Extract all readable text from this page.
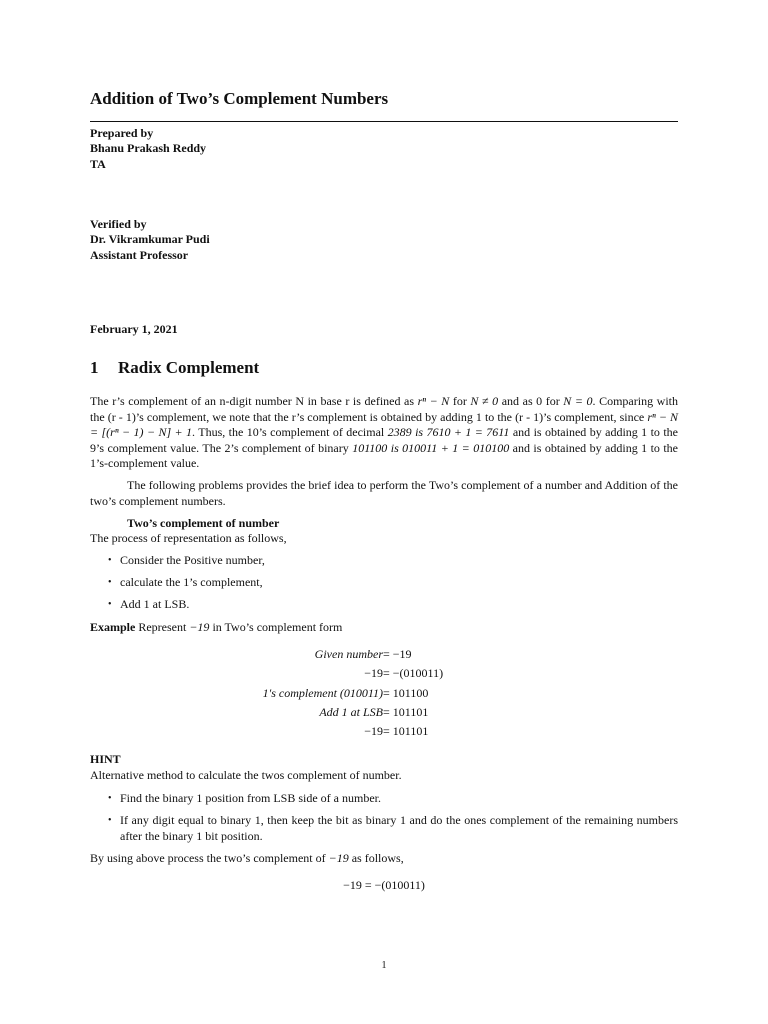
Addition of Two’s Complement Numbers
Prepared by
Bhanu Prakash Reddy
TA
Verified by
Dr. Vikramkumar Pudi
Assistant Professor
February 1, 2021
1 Radix Complement
The r’s complement of an n-digit number N in base r is defined as rⁿ − N for N ≠ 0 and as 0 for N = 0. Comparing with the (r - 1)’s complement, we note that the r’s complement is obtained by adding 1 to the (r - 1)’s complement, since rⁿ − N = [(rⁿ − 1) − N] + 1. Thus, the 10’s complement of decimal 2389 is 7610 + 1 = 7611 and is obtained by adding 1 to the 9’s complement value. The 2’s complement of binary 101100 is 010011 + 1 = 010100 and is obtained by adding 1 to the 1’s-complement value.
The following problems provides the brief idea to perform the Two’s complement of a number and Addition of the two’s complement numbers.
Two’s complement of number
The process of representation as follows,
• Consider the Positive number,
• calculate the 1’s complement,
• Add 1 at LSB.
Example Represent −19 in Two’s complement form
Given number = −19
−19 = −(010011)
1′s complement (010011) = 101100
Add 1 at LSB = 101101
−19 = 101101
HINT
Alternative method to calculate the twos complement of number.
• Find the binary 1 position from LSB side of a number.
• If any digit equal to binary 1, then keep the bit as binary 1 and do the ones complement of the remaining numbers after the binary 1 bit position.
By using above process the two’s complement of −19 as follows,
−19 = −(010011)
1
